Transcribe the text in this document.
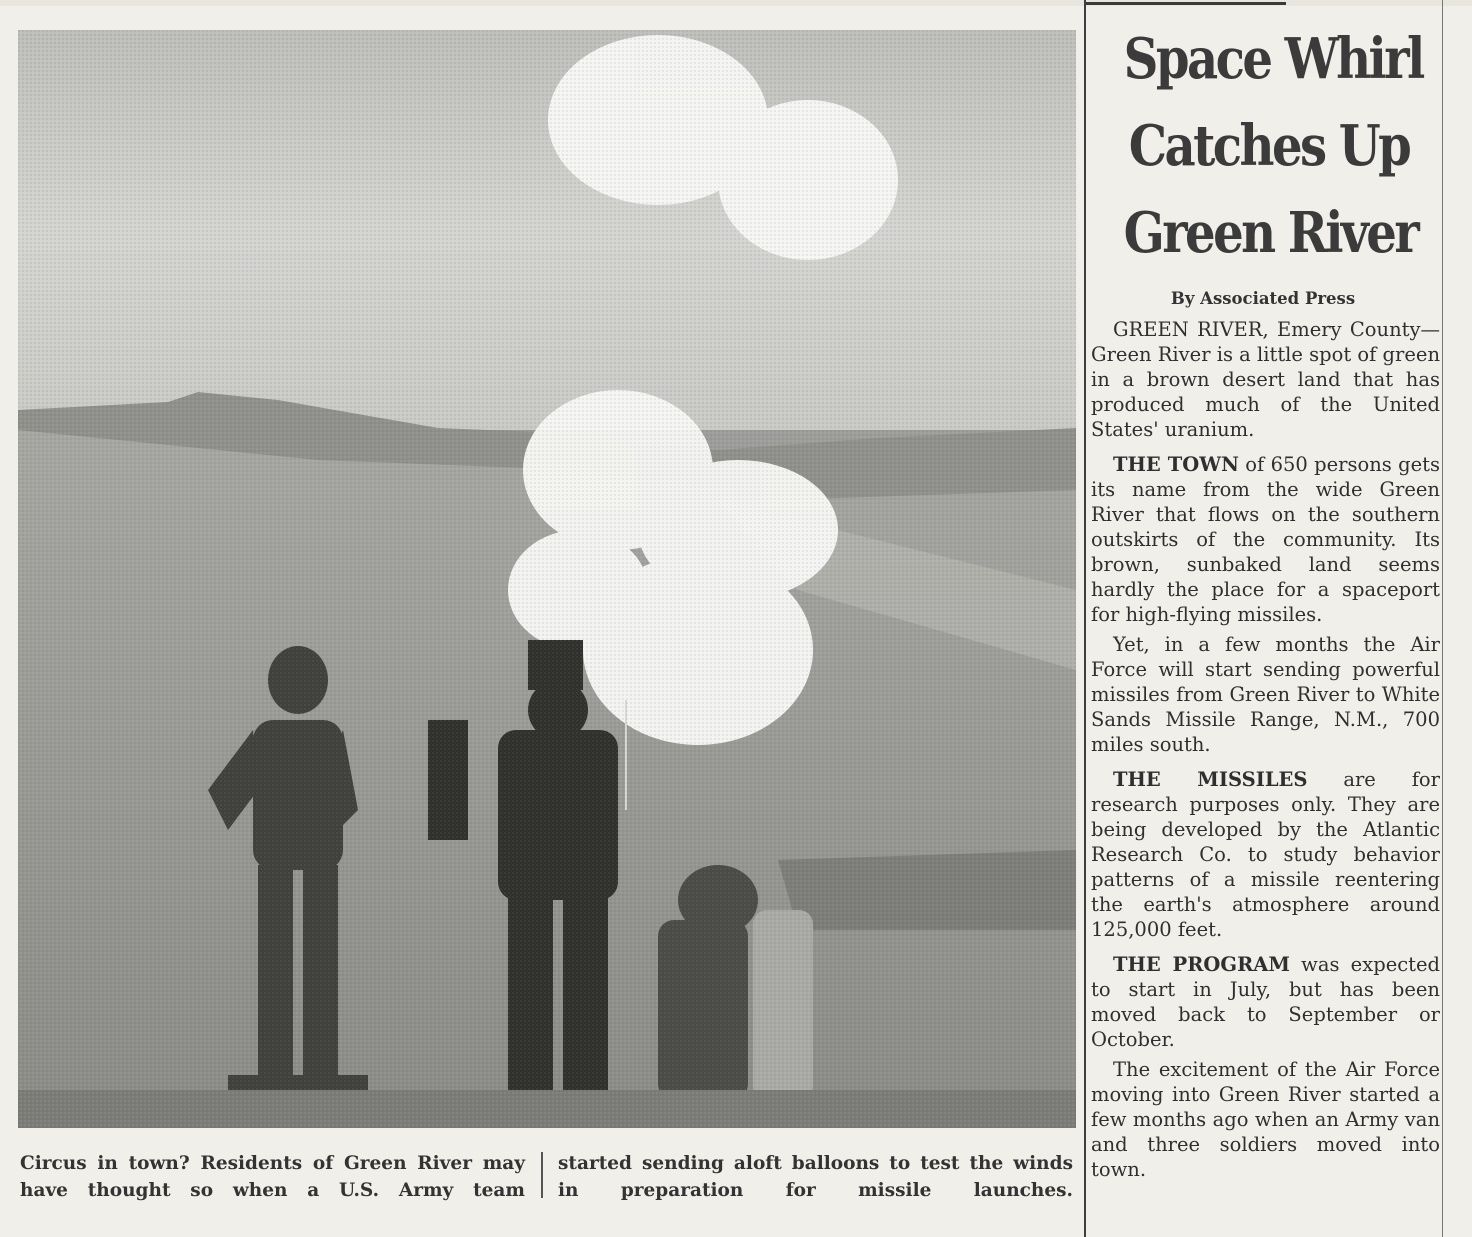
Circus in town? Residents of Green River may have thought so when a U.S. Army team
started sending aloft balloons to test the winds in preparation for missile launches.
Space Whirl
Catches Up
Green River
By Associated Press

GREEN RIVER, Emery County—Green River is a little spot of green in a brown desert land that has produced much of the United States' uranium.

THE TOWN of 650 persons gets its name from the wide Green River that flows on the southern outskirts of the community. Its brown, sunbaked land seems hardly the place for a spaceport for high-flying missiles.

Yet, in a few months the Air Force will start sending powerful missiles from Green River to White Sands Missile Range, N.M., 700 miles south.

THE MISSILES are for research purposes only. They are being developed by the Atlantic Research Co. to study behavior patterns of a missile reentering the earth's atmosphere around 125,000 feet.

THE PROGRAM was expected to start in July, but has been moved back to September or October.

The excitement of the Air Force moving into Green River started a few months ago when an Army van and three soldiers moved into town.
